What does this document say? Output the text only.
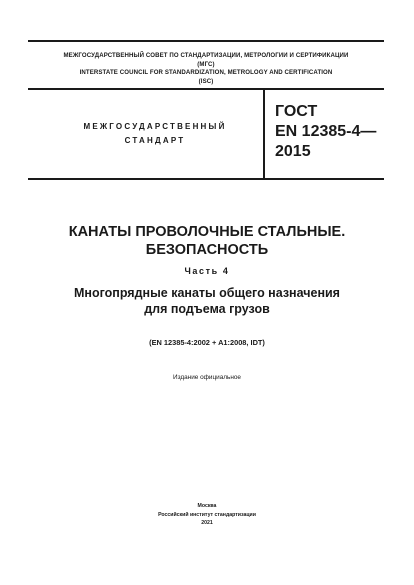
МЕЖГОСУДАРСТВЕННЫЙ СОВЕТ ПО СТАНДАРТИЗАЦИИ, МЕТРОЛОГИИ И СЕРТИФИКАЦИИ
(МГС)
INTERSTATE COUNCIL FOR STANDARDIZATION, METROLOGY AND CERTIFICATION
(ISC)
МЕЖГОСУДАРСТВЕННЫЙ
СТАНДАРТ
ГОСТ
EN 12385-4—
2015
КАНАТЫ ПРОВОЛОЧНЫЕ СТАЛЬНЫЕ.
БЕЗОПАСНОСТЬ
Часть 4
Многопрядные канаты общего назначения
для подъема грузов
(EN 12385-4:2002 + A1:2008, IDT)
Издание официальное
Москва
Российский институт стандартизации
2021
